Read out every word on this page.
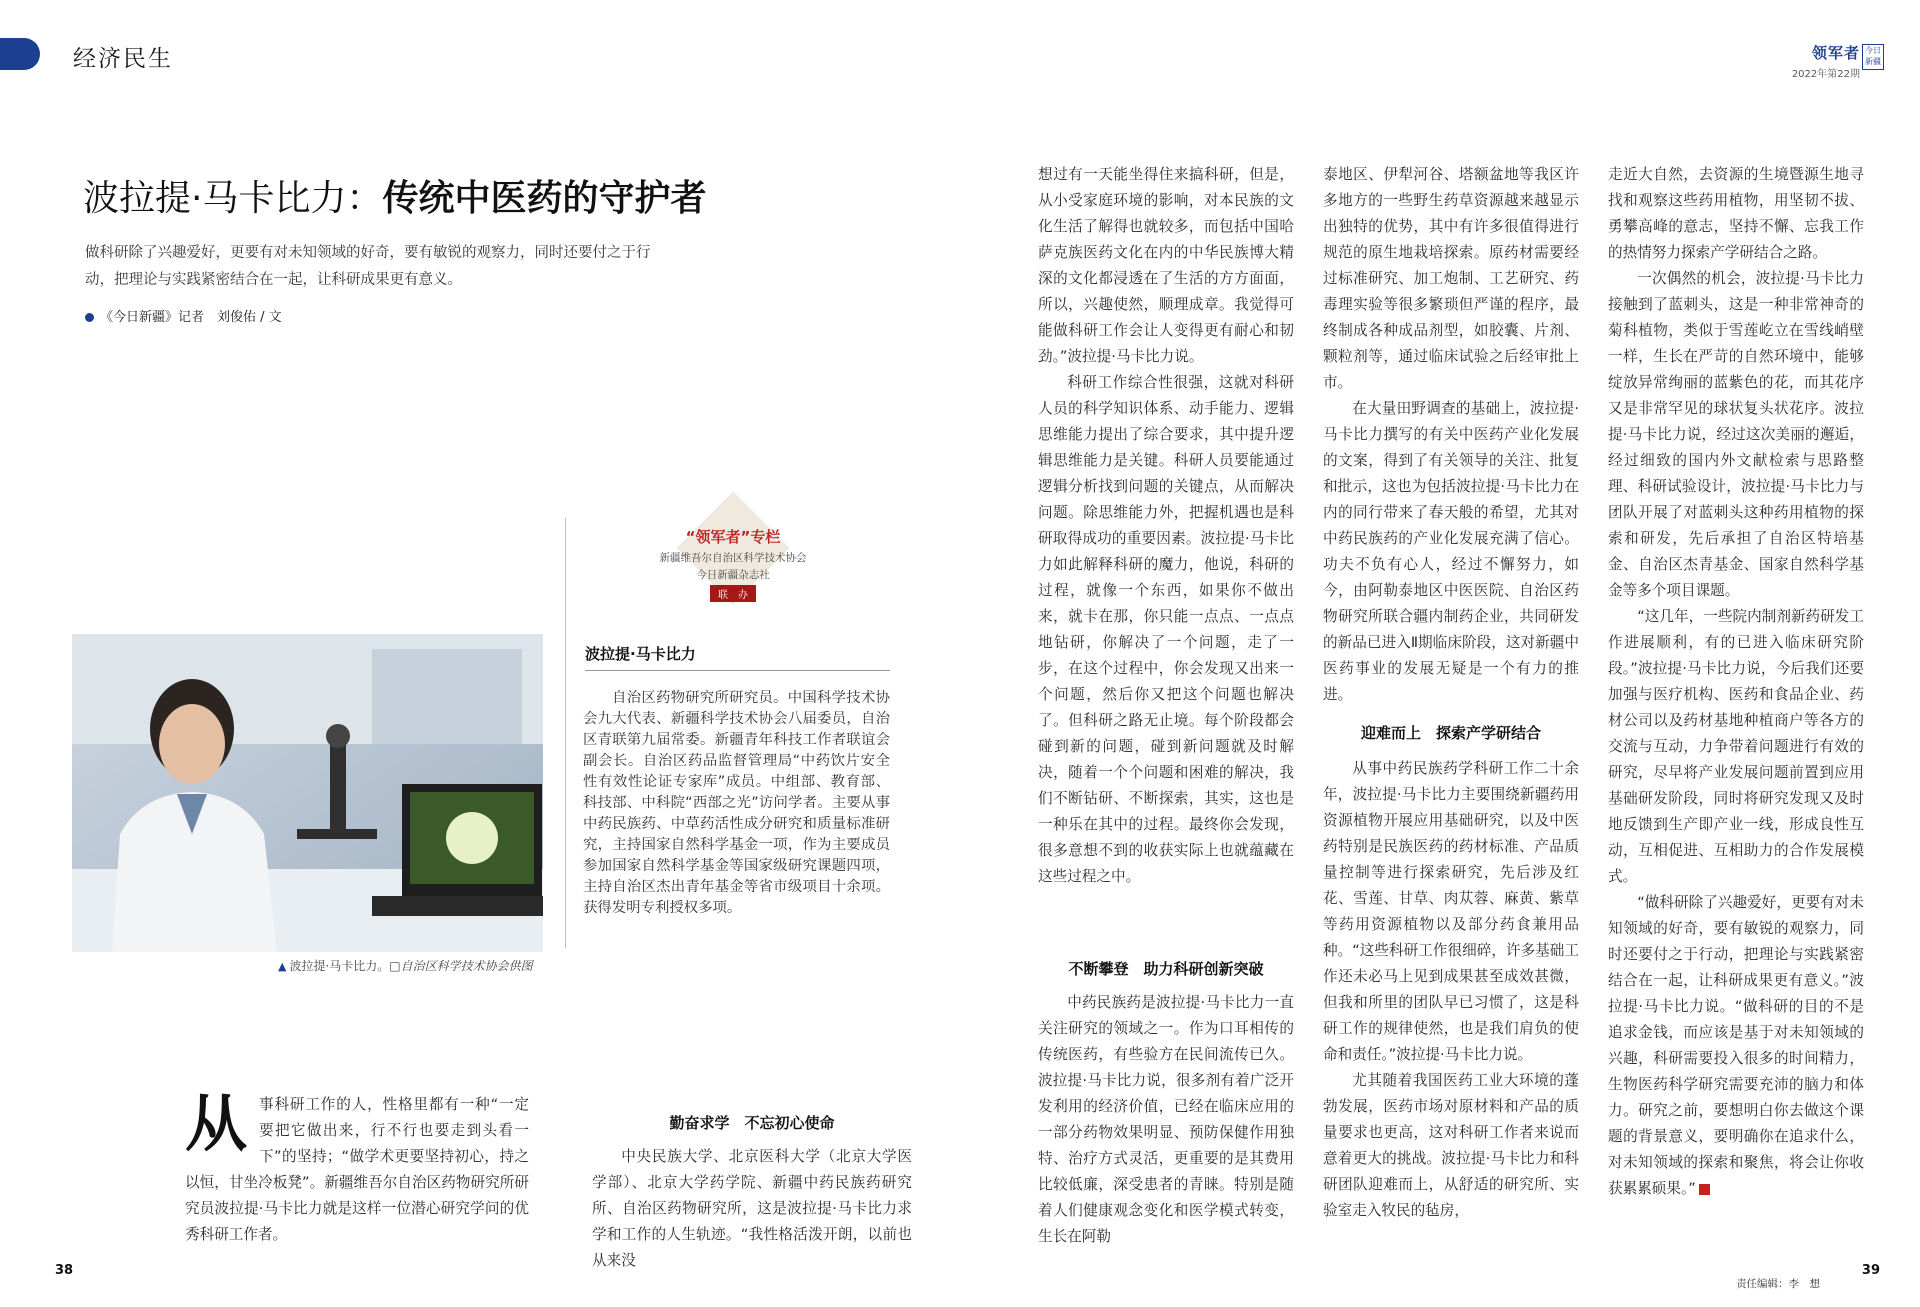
经济民生	领军者
2022年第22期
今日新疆
波拉提·马卡比力：传统中医药的守护者
做科研除了兴趣爱好，更要有对未知领域的好奇，要有敏锐的观察力，同时还要付之于行动，把理论与实践紧密结合在一起，让科研成果更有意义。
《今日新疆》记者　刘俊佑 / 文
“领军者”专栏
新疆维吾尔自治区科学技术协会
今日新疆杂志社
联　办
▲ 波拉提·马卡比力。□自治区科学技术协会供图
波拉提·马卡比力
自治区药物研究所研究员。中国科学技术协会九大代表、新疆科学技术协会八届委员，自治区青联第九届常委。新疆青年科技工作者联谊会副会长。自治区药品监督管理局“中药饮片安全性有效性论证专家库”成员。中组部、教育部、科技部、中科院“西部之光”访问学者。主要从事中药民族药、中草药活性成分研究和质量标准研究，主持国家自然科学基金一项，作为主要成员参加国家自然科学基金等国家级研究课题四项，主持自治区杰出青年基金等省市级项目十余项。获得发明专利授权多项。
从 事科研工作的人，性格里都有一种“一定要把它做出来，行不行也要走到头看一下”的坚持；“做学术更要坚持初心，持之以恒，甘坐冷板凳”。新疆维吾尔自治区药物研究所研究员波拉提·马卡比力就是这样一位潜心研究学问的优秀科研工作者。

勤奋求学　不忘初心使命

中央民族大学、北京医科大学（北京大学医学部）、北京大学药学院、新疆中药民族药研究所、自治区药物研究所，这是波拉提·马卡比力求学和工作的人生轨迹。“我性格活泼开朗，以前也从来没

想过有一天能坐得住来搞科研，但是，从小受家庭环境的影响，对本民族的文化生活了解得也就较多，而包括中国哈萨克族医药文化在内的中华民族博大精深的文化都浸透在了生活的方方面面，所以，兴趣使然，顺理成章。我觉得可能做科研工作会让人变得更有耐心和韧劲。”波拉提·马卡比力说。

科研工作综合性很强，这就对科研人员的科学知识体系、动手能力、逻辑思维能力提出了综合要求，其中提升逻辑思维能力是关键。科研人员要能通过逻辑分析找到问题的关键点，从而解决问题。除思维能力外，把握机遇也是科研取得成功的重要因素。波拉提·马卡比力如此解释科研的魔力，他说，科研的过程，就像一个东西，如果你不做出来，就卡在那，你只能一点点、一点点地钻研，你解决了一个问题，走了一步，在这个过程中，你会发现又出来一个问题，然后你又把这个问题也解决了。但科研之路无止境。每个阶段都会碰到新的问题，碰到新问题就及时解决，随着一个个问题和困难的解决，我们不断钻研、不断探索，其实，这也是一种乐在其中的过程。最终你会发现，很多意想不到的收获实际上也就蕴藏在这些过程之中。

不断攀登　助力科研创新突破

中药民族药是波拉提·马卡比力一直关注研究的领域之一。作为口耳相传的传统医药，有些验方在民间流传已久。波拉提·马卡比力说，很多剂有着广泛开发利用的经济价值，已经在临床应用的一部分药物效果明显、预防保健作用独特、治疗方式灵活，更重要的是其费用比较低廉，深受患者的青睐。特别是随着人们健康观念变化和医学模式转变，生长在阿勒

泰地区、伊犁河谷、塔额盆地等我区许多地方的一些野生药草资源越来越显示出独特的优势，其中有许多很值得进行规范的原生地栽培探索。原药材需要经过标准研究、加工炮制、工艺研究、药毒理实验等很多繁琐但严谨的程序，最终制成各种成品剂型，如胶囊、片剂、颗粒剂等，通过临床试验之后经审批上市。

在大量田野调查的基础上，波拉提·马卡比力撰写的有关中医药产业化发展的文案，得到了有关领导的关注、批复和批示，这也为包括波拉提·马卡比力在内的同行带来了春天般的希望，尤其对中药民族药的产业化发展充满了信心。功夫不负有心人，经过不懈努力，如今，由阿勒泰地区中医医院、自治区药物研究所联合疆内制药企业，共同研发的新品已进入Ⅱ期临床阶段，这对新疆中医药事业的发展无疑是一个有力的推进。

迎难而上　探索产学研结合

从事中药民族药学科研工作二十余年，波拉提·马卡比力主要围绕新疆药用资源植物开展应用基础研究，以及中医药特别是民族医药的药材标准、产品质量控制等进行探索研究，先后涉及红花、雪莲、甘草、肉苁蓉、麻黄、紫草等药用资源植物以及部分药食兼用品种。“这些科研工作很细碎，许多基础工作还未必马上见到成果甚至成效甚微，但我和所里的团队早已习惯了，这是科研工作的规律使然，也是我们肩负的使命和责任。”波拉提·马卡比力说。

尤其随着我国医药工业大环境的蓬勃发展，医药市场对原材料和产品的质量要求也更高，这对科研工作者来说而意着更大的挑战。波拉提·马卡比力和科研团队迎难而上，从舒适的研究所、实验室走入牧民的毡房，

走近大自然，去资源的生境暨源生地寻找和观察这些药用植物，用坚韧不拔、勇攀高峰的意志，坚持不懈、忘我工作的热情努力探索产学研结合之路。

一次偶然的机会，波拉提·马卡比力接触到了蓝刺头，这是一种非常神奇的菊科植物，类似于雪莲屹立在雪线峭壁一样，生长在严苛的自然环境中，能够绽放异常绚丽的蓝紫色的花，而其花序又是非常罕见的球状复头状花序。波拉提·马卡比力说，经过这次美丽的邂逅，经过细致的国内外文献检索与思路整理、科研试验设计，波拉提·马卡比力与团队开展了对蓝刺头这种药用植物的探索和研发，先后承担了自治区特培基金、自治区杰青基金、国家自然科学基金等多个项目课题。

“这几年，一些院内制剂新药研发工作进展顺利，有的已进入临床研究阶段。”波拉提·马卡比力说，今后我们还要加强与医疗机构、医药和食品企业、药材公司以及药材基地种植商户等各方的交流与互动，力争带着问题进行有效的研究，尽早将产业发展问题前置到应用基础研发阶段，同时将研究发现又及时地反馈到生产即产业一线，形成良性互动，互相促进、互相助力的合作发展模式。

“做科研除了兴趣爱好，更要有对未知领域的好奇，要有敏锐的观察力，同时还要付之于行动，把理论与实践紧密结合在一起，让科研成果更有意义。”波拉提·马卡比力说。“做科研的目的不是追求金钱，而应该是基于对未知领域的兴趣，科研需要投入很多的时间精力，生物医药科学研究需要充沛的脑力和体力。研究之前，要想明白你去做这个课题的背景意义，要明确你在追求什么，对未知领域的探索和聚焦，将会让你收获累累硕果。”

38	39
责任编辑：李　想
